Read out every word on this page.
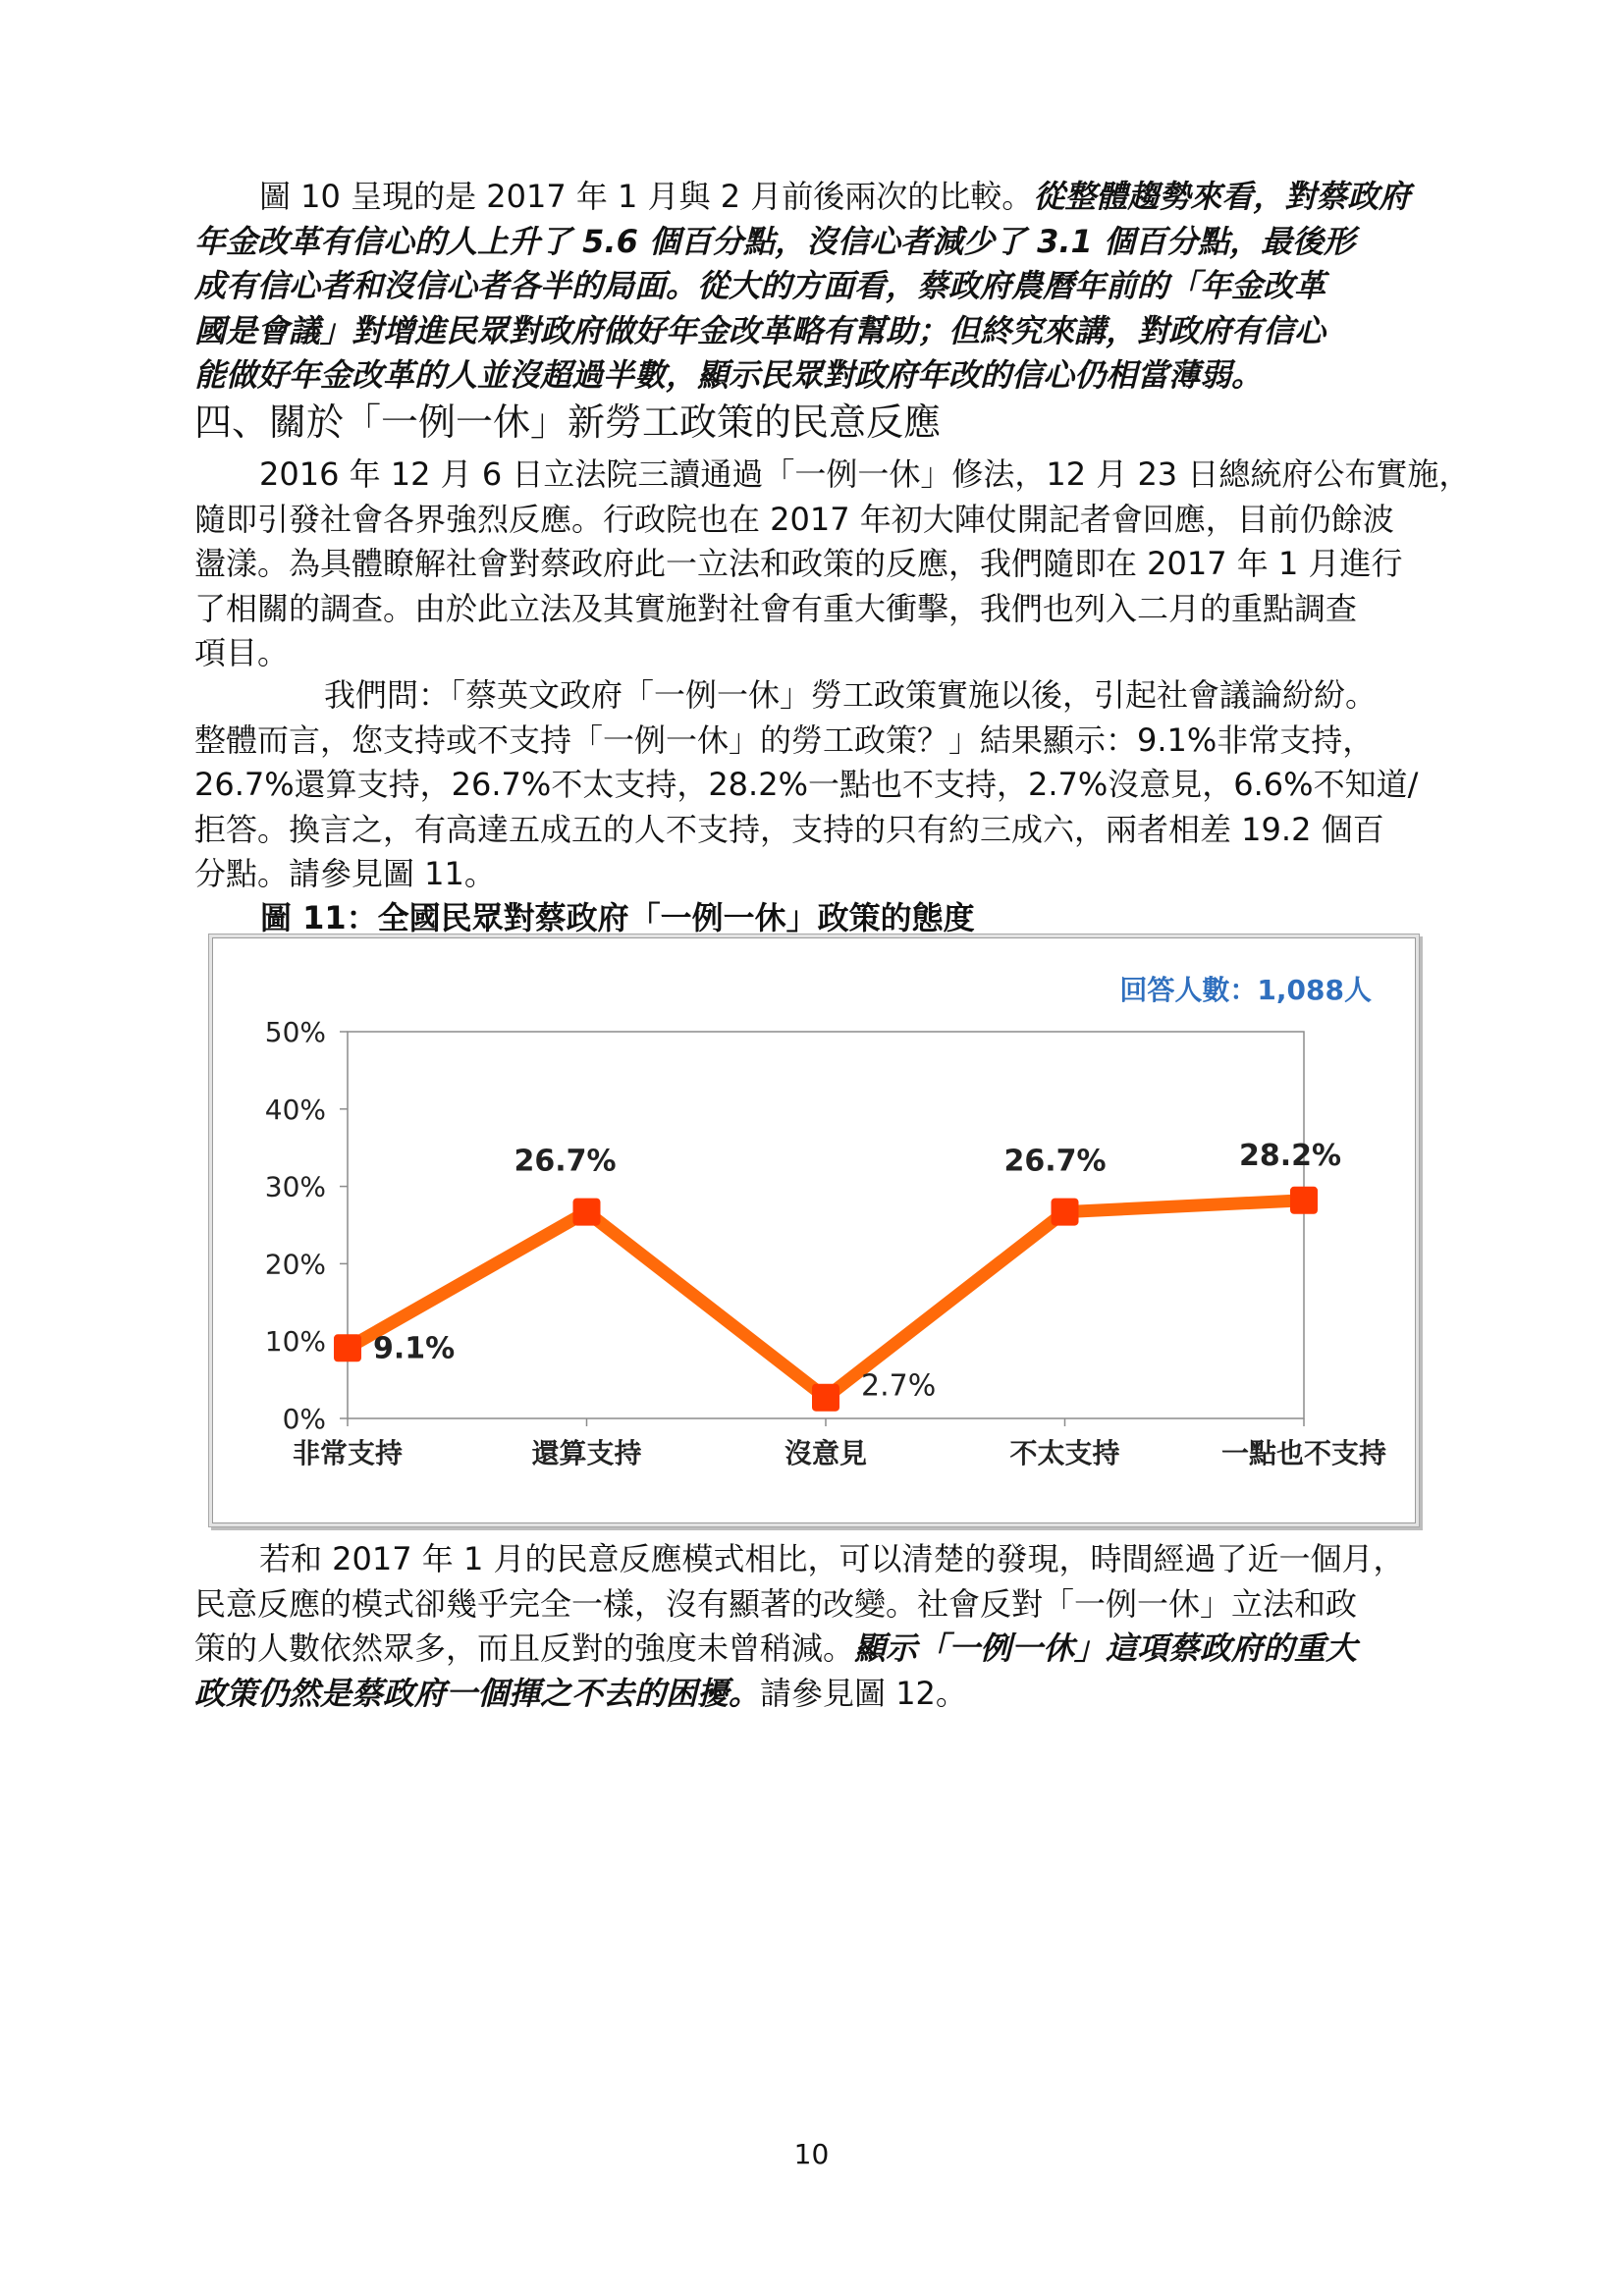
圖 10 呈現的是 2017 年 1 月與 2 月前後兩次的比較。從整體趨勢來看，對蔡政府
年金改革有信心的人上升了 5.6 個百分點，沒信心者減少了 3.1 個百分點，最後形
成有信心者和沒信心者各半的局面。從大的方面看，蔡政府農曆年前的「年金改革
國是會議」對增進民眾對政府做好年金改革略有幫助；但終究來講，對政府有信心
能做好年金改革的人並沒超過半數，顯示民眾對政府年改的信心仍相當薄弱。

四、關於「一例一休」新勞工政策的民意反應

2016 年 12 月 6 日立法院三讀通過「一例一休」修法，12 月 23 日總統府公布實施，
隨即引發社會各界強烈反應。行政院也在 2017 年初大陣仗開記者會回應，目前仍餘波
盪漾。為具體瞭解社會對蔡政府此一立法和政策的反應，我們隨即在 2017 年 1 月進行
了相關的調查。由於此立法及其實施對社會有重大衝擊，我們也列入二月的重點調查
項目。

我們問：「蔡英文政府「一例一休」勞工政策實施以後，引起社會議論紛紛。
整體而言，您支持或不支持「一例一休」的勞工政策？」結果顯示：9.1%非常支持，
26.7%還算支持，26.7%不太支持，28.2%一點也不支持，2.7%沒意見，6.6%不知道/
拒答。換言之，有高達五成五的人不支持，支持的只有約三成六，兩者相差 19.2 個百
分點。請參見圖 11。

圖 11：全國民眾對蔡政府「一例一休」政策的態度

回答人數：1,088人
0%
10%
20%
30%
40%
50%
非常支持	還算支持	沒意見	不太支持	一點也不支持
9.1%
26.7%
2.7%
26.7%	28.2%

若和 2017 年 1 月的民意反應模式相比，可以清楚的發現，時間經過了近一個月，
民意反應的模式卻幾乎完全一樣，沒有顯著的改變。社會反對「一例一休」立法和政
策的人數依然眾多，而且反對的強度未曾稍減。顯示「一例一休」這項蔡政府的重大
政策仍然是蔡政府一個揮之不去的困擾。請參見圖 12。

10
